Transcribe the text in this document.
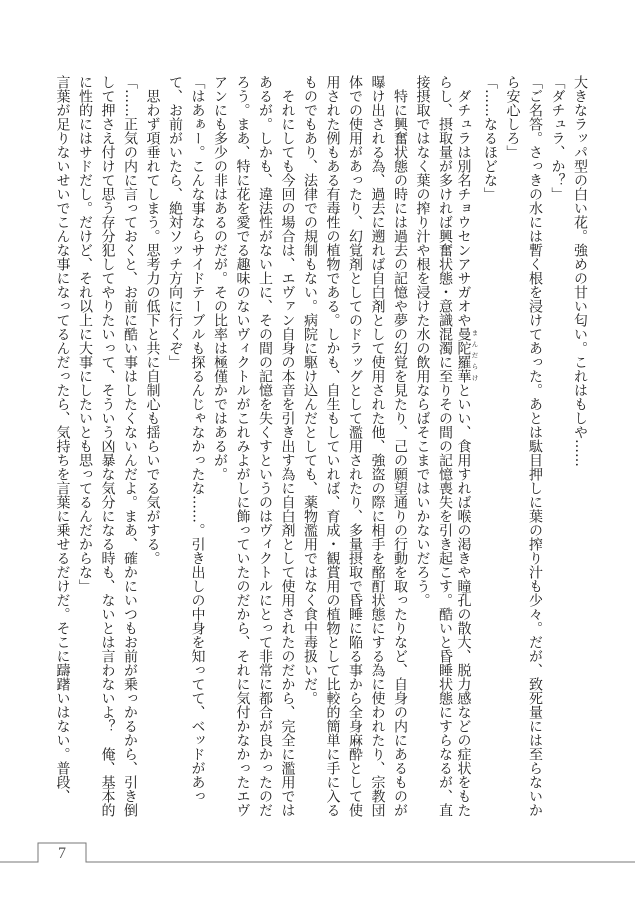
大きなラッパ型の白い花。強めの甘い匂い。これはもしや……
「ダチュラ、か？」
「ご名答。さっきの水には暫く根を浸けてあった。あとは駄目押しに葉の搾り汁も少々。だが、致死量には至らないか
ら安心しろ」
「……なるほどな」
　ダチュラは別名チョウセンアサガオや曼陀羅華 まんだらけといい、食用すれば喉の渇きや瞳孔の散大、脱力感などの症状をもた
らし、摂取量が多ければ興奮状態・意識混濁に至りその間の記憶喪失を引き起こす。酷いと昏睡状態にすらなるが、直
接摂取ではなく葉の搾り汁や根を浸けた水の飲用ならばそこまではいかないだろう。
　特に興奮状態の時には過去の記憶や夢の幻覚を見たり、己の願望通りの行動を取ったりなど、自身の内にあるものが
曝け出される為、過去に遡れば自白剤として使用された他、強盗の際に相手を酩酊状態にする為に使われたり、宗教団
体での使用があったり、幻覚剤としてのドラッグとして濫用されたり、多量摂取で昏睡に陥る事から全身麻酔として使
用された例もある有毒性の植物である。しかも、自生もしていれば、育成・観賞用の植物として比較的簡単に手に入る
ものでもあり、法律での規制もない。病院に駆け込んだとしても、薬物濫用ではなく食中毒扱いだ。
　それにしても今回の場合は、エヴァン自身の本音を引き出す為に自白剤として使用されたのだから、完全に濫用では
あるが。しかも、違法性がない上に、その間の記憶を失くすというのはヴィクトルにとって非常に都合が良かったのだ
ろう。まあ、特に花を愛でる趣味のないヴィクトルがこれみよがしに飾っていたのだから、それに気付かなかったエヴ
アンにも多少の非はあるのだが。その比率は極僅かではあるが。
「はあぁー。こんな事ならサイドテーブルも探るんじゃなかったな……。引き出しの中身を知ってて、ベッドがあっ
て、お前がいたら、絶対ソッチ方向に行くぞ」
　思わず項垂れてしまう。思考力の低下と共に自制心も揺らいでる気がする。
「……正気の内に言っておくと、お前に酷い事はしたくないんだよ。まあ、確かにいつもお前が乗っかるから、引き倒
して押さえ付けて思う存分犯してやりたいって、そういう凶暴な気分になる時も、ないとは言わないよ？　俺、基本的
に性的にはサドだし。だけど、それ以上に大事にしたいとも思ってるんだからな」
言葉が足りないせいでこんな事になってるんだったら、気持ちを言葉に乗せるだけだ。そこに躊躇いはない。普段、
7
